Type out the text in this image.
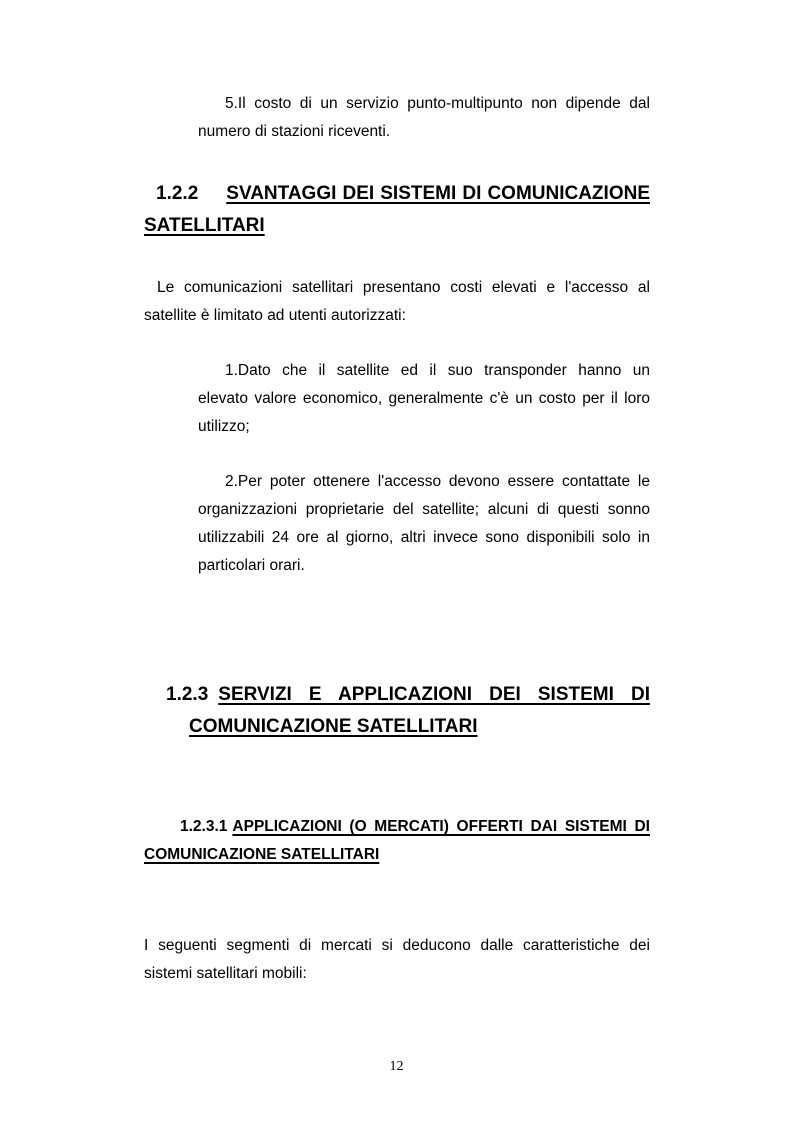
5.Il costo di un servizio punto-multipunto non dipende dal
numero di stazioni riceventi.
1.2.2 SVANTAGGI DEI SISTEMI DI COMUNICAZIONE
SATELLITARI
Le comunicazioni satellitari presentano costi elevati e l'accesso al
satellite è limitato ad utenti autorizzati:
1.Dato che il satellite ed il suo transponder hanno un
elevato valore economico, generalmente c'è un costo per il loro
utilizzo;
2.Per poter ottenere l'accesso devono essere contattate le
organizzazioni proprietarie del satellite; alcuni di questi sonno
utilizzabili 24 ore al giorno, altri invece sono disponibili solo in
particolari orari.
1.2.3 SERVIZI E APPLICAZIONI DEI SISTEMI DI
COMUNICAZIONE SATELLITARI
1.2.3.1 APPLICAZIONI (O MERCATI) OFFERTI DAI SISTEMI DI
COMUNICAZIONE SATELLITARI
I seguenti segmenti di mercati si deducono dalle caratteristiche dei
sistemi satellitari mobili:
12
